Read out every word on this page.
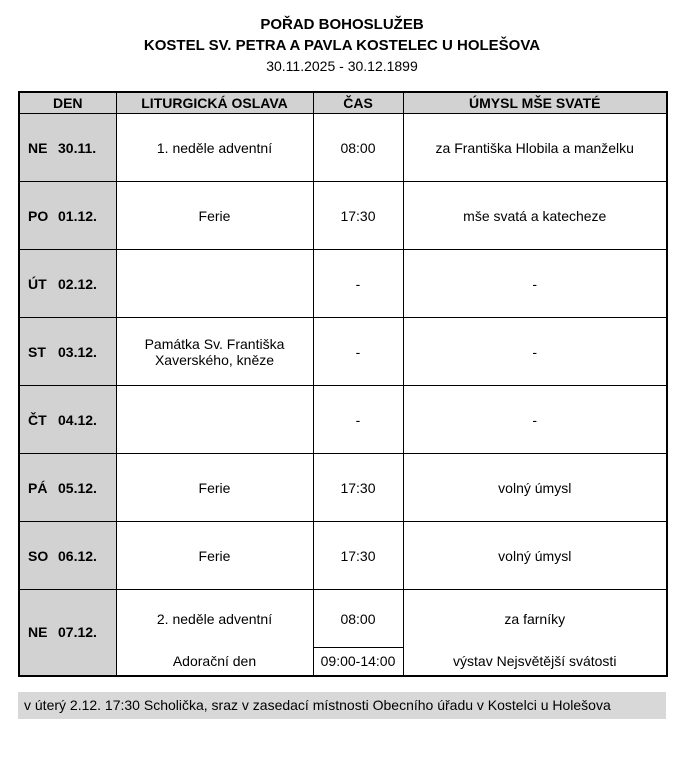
POŘAD BOHOSLUŽEB
KOSTEL SV. PETRA A PAVLA KOSTELEC U HOLEŠOVA
30.11.2025 - 30.12.1899
DEN	LITURGICKÁ OSLAVA	ČAS	ÚMYSL MŠE SVATÉ
NE 30.11.	1. neděle adventní	08:00	za Františka Hlobila a manželku
PO 01.12.	Ferie	17:30	mše svatá a katecheze
ÚT 02.12.		-	-
ST 03.12.	Památka Sv. Františka Xaverského, kněze	-	-
ČT 04.12.		-	-
PÁ 05.12.	Ferie	17:30	volný úmysl
SO 06.12.	Ferie	17:30	volný úmysl
NE 07.12.	2. neděle adventní	08:00	za farníky
	Adorační den	09:00-14:00	výstav Nejsvětější svátosti
v úterý 2.12. 17:30 Scholička, sraz v zasedací místnosti Obecního úřadu v Kostelci u Holešova
